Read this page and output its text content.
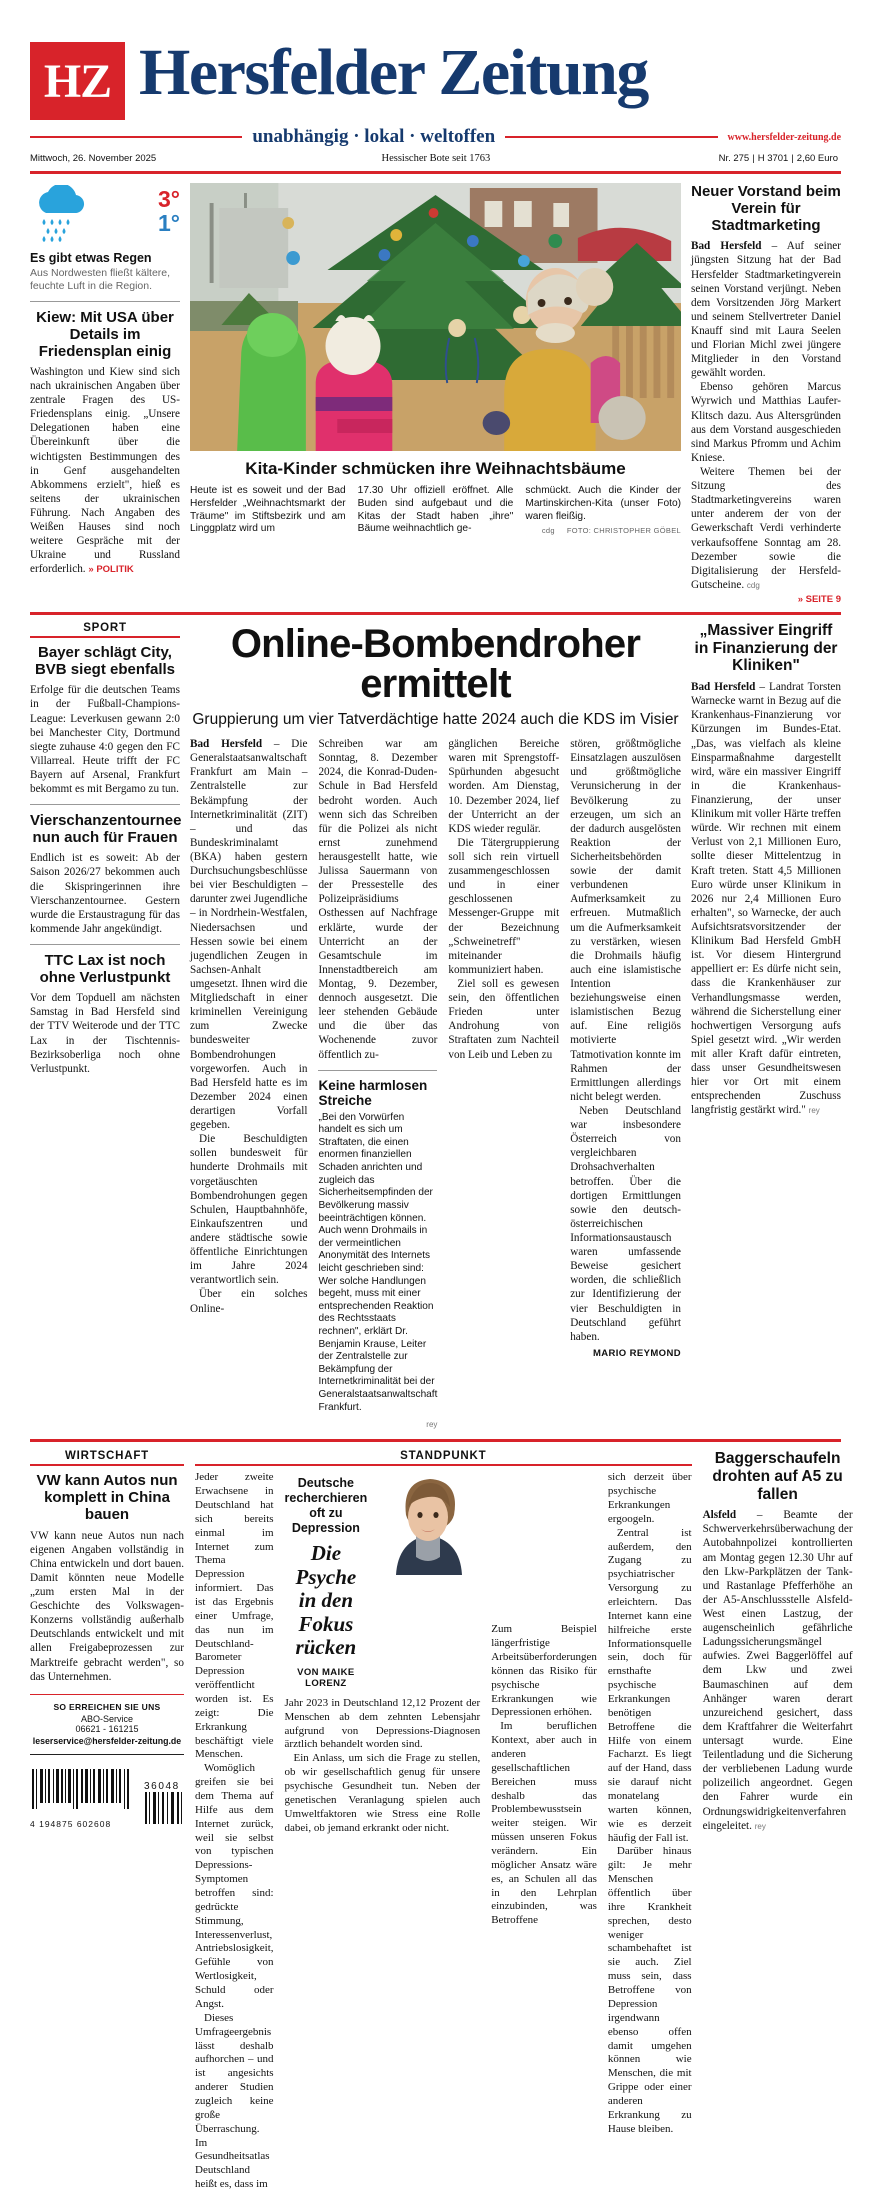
HZ Hersfelder Zeitung
unabhängig · lokal · weltoffen	www.hersfelder-zeitung.de
Mittwoch, 26. November 2025	Hessischer Bote seit 1763	Nr. 275 | H 3701 | 2,60 Euro
3°
1°
Es gibt etwas Regen
Aus Nordwesten fließt kältere, feuchte Luft in die Region.
Kiew: Mit USA über Details im Friedensplan einig

Washington und Kiew sind sich nach ukrainischen Angaben über zentrale Fragen des US-Friedensplans einig. „Unsere Delegationen haben eine Übereinkunft über die wichtigsten Bestimmungen des in Genf ausgehandelten Abkommens erzielt", hieß es seitens der ukrainischen Führung. Nach Angaben des Weißen Hauses sind noch weitere Gespräche mit der Ukraine und Russland erforderlich. » POLITIK

Kita-Kinder schmücken ihre Weihnachtsbäume
Heute ist es soweit und der Bad Hersfelder „Weihnachtsmarkt der Träume" im Stiftsbezirk und am Linggplatz wird um
17.30 Uhr offiziell eröffnet. Alle Buden sind aufgebaut und die Kitas der Stadt haben „ihre" Bäume weihnachtlich ge-
schmückt. Auch die Kinder der Martinskirchen-Kita (unser Foto) waren fleißig.
cdg FOTO: CHRISTOPHER GÖBEL
Neuer Vorstand beim Verein für Stadtmarketing

Bad Hersfeld – Auf seiner jüngsten Sitzung hat der Bad Hersfelder Stadtmarketingverein seinen Vorstand verjüngt. Neben dem Vorsitzenden Jörg Markert und seinem Stellvertreter Daniel Knauff sind mit Laura Seelen und Florian Michl zwei jüngere Mitglieder in den Vorstand gewählt worden.

Ebenso gehören Marcus Wyrwich und Matthias Laufer-Klitsch dazu. Aus Altersgründen aus dem Vorstand ausgeschieden sind Markus Pfromm und Achim Kniese.

Weitere Themen bei der Sitzung des Stadtmarketingvereins waren unter anderem der von der Gewerkschaft Verdi verhinderte verkaufsoffene Sonntag am 28. Dezember sowie die Digitalisierung der Hersfeld-Gutscheine. cdg

» SEITE 9

SPORT
Bayer schlägt City, BVB siegt ebenfalls

Erfolge für die deutschen Teams in der Fußball-Champions-League: Leverkusen gewann 2:0 bei Manchester City, Dortmund siegte zuhause 4:0 gegen den FC Villarreal. Heute trifft der FC Bayern auf Arsenal, Frankfurt bekommt es mit Bergamo zu tun.

Vierschanzentournee nun auch für Frauen

Endlich ist es soweit: Ab der Saison 2026/27 bekommen auch die Skispringerinnen ihre Vierschanzentournee. Gestern wurde die Erstaustragung für das kommende Jahr angekündigt.

TTC Lax ist noch ohne Verlustpunkt

Vor dem Topduell am nächsten Samstag in Bad Hersfeld sind der TTV Weiterode und der TTC Lax in der Tischtennis-Bezirksoberliga noch ohne Verlustpunkt.

Online-Bombendroher ermittelt
Gruppierung um vier Tatverdächtige hatte 2024 auch die KDS im Visier

Bad Hersfeld – Die Generalstaatsanwaltschaft Frankfurt am Main – Zentralstelle zur Bekämpfung der Internetkriminalität (ZIT) – und das Bundeskriminalamt (BKA) haben gestern Durchsuchungsbeschlüsse bei vier Beschuldigten – darunter zwei Jugendliche – in Nordrhein-Westfalen, Niedersachsen und Hessen sowie bei einem jugendlichen Zeugen in Sachsen-Anhalt umgesetzt. Ihnen wird die Mitgliedschaft in einer kriminellen Vereinigung zum Zwecke bundesweiter Bombendrohungen vorgeworfen. Auch in Bad Hersfeld hatte es im Dezember 2024 einen derartigen Vorfall gegeben.

Die Beschuldigten sollen bundesweit für hunderte Drohmails mit vorgetäuschten Bombendrohungen gegen Schulen, Hauptbahnhöfe, Einkaufszentren und andere städtische sowie öffentliche Einrichtungen im Jahre 2024 verantwortlich sein.

Über ein solches Online-

Schreiben war am Sonntag, 8. Dezember 2024, die Konrad-Duden-Schule in Bad Hersfeld bedroht worden. Auch wenn sich das Schreiben für die Polizei als nicht ernst zunehmend herausgestellt hatte, wie Julissa Sauermann von der Pressestelle des Polizeipräsidiums Osthessen auf Nachfrage erklärte, wurde der Unterricht an der Gesamtschule im Innenstadtbereich am Montag, 9. Dezember, dennoch ausgesetzt. Die leer stehenden Gebäude und die über das Wochenende zuvor öffentlich zu-

Keine harmlosen Streiche

„Bei den Vorwürfen handelt es sich um Straftaten, die einen enormen finanziellen Schaden anrichten und zugleich das Sicherheitsempfinden der Bevölkerung massiv beeinträchtigen können. Auch wenn Drohmails in der vermeintlichen Anonymität des Internets leicht geschrieben sind: Wer solche Handlungen begeht, muss mit einer entsprechenden Reaktion des Rechtsstaats rechnen", erklärt Dr. Benjamin Krause, Leiter der Zentralstelle zur Bekämpfung der Internetkriminalität bei der Generalstaatsanwaltschaft Frankfurt.

rey

gänglichen Bereiche waren mit Sprengstoff-Spürhunden abgesucht worden. Am Dienstag, 10. Dezember 2024, lief der Unterricht an der KDS wieder regulär.

Die Tätergruppierung soll sich rein virtuell zusammengeschlossen und in einer geschlossenen Messenger-Gruppe mit der Bezeichnung „Schweinetreff" miteinander kommuniziert haben.

Ziel soll es gewesen sein, den öffentlichen Frieden unter Androhung von Straftaten zum Nachteil von Leib und Leben zu

stören, größtmögliche Einsatzlagen auszulösen und größtmögliche Verunsicherung in der Bevölkerung zu erzeugen, um sich an der dadurch ausgelösten Reaktion der Sicherheitsbehörden sowie der damit verbundenen Aufmerksamkeit zu erfreuen. Mutmaßlich um die Aufmerksamkeit zu verstärken, wiesen die Drohmails häufig auch eine islamistische Intention beziehungsweise einen islamistischen Bezug auf. Eine religiös motivierte Tatmotivation konnte im Rahmen der Ermittlungen allerdings nicht belegt werden.

Neben Deutschland war insbesondere Österreich von vergleichbaren Drohsachverhalten betroffen. Über die dortigen Ermittlungen sowie den deutsch-österreichischen Informationsaustausch waren umfassende Beweise gesichert worden, die schließlich zur Identifizierung der vier Beschuldigten in Deutschland geführt haben.

MARIO REYMOND
„Massiver Eingriff in Finanzierung der Kliniken"

Bad Hersfeld – Landrat Torsten Warnecke warnt in Bezug auf die Krankenhaus-Finanzierung vor Kürzungen im Bundes-Etat. „Das, was vielfach als kleine Einsparmaßnahme dargestellt wird, wäre ein massiver Eingriff in die Krankenhaus-Finanzierung, der unser Klinikum mit voller Härte treffen würde. Wir rechnen mit einem Verlust von 2,1 Millionen Euro, sollte dieser Mittelentzug in Kraft treten. Statt 4,5 Millionen Euro würde unser Klinikum in 2026 nur 2,4 Millionen Euro erhalten", so Warnecke, der auch Aufsichtsratsvorsitzender der Klinikum Bad Hersfeld GmbH ist. Vor diesem Hintergrund appelliert er: Es dürfe nicht sein, dass die Krankenhäuser zur Verhandlungsmasse werden, während die Sicherstellung einer hochwertigen Versorgung aufs Spiel gesetzt wird. „Wir werden mit aller Kraft dafür eintreten, dass unser Gesundheitswesen hier vor Ort mit einem entsprechenden Zuschuss langfristig gestärkt wird." rey

WIRTSCHAFT
VW kann Autos nun komplett in China bauen

VW kann neue Autos nun nach eigenen Angaben vollständig in China entwickeln und dort bauen. Damit könnten neue Modelle „zum ersten Mal in der Geschichte des Volkswagen-Konzerns vollständig außerhalb Deutschlands entwickelt und mit allen Freigabeprozessen zur Marktreife gebracht werden", so das Unternehmen.

SO ERREICHEN SIE UNS
ABO-Service
06621 - 161215
leserservice@hersfelder-zeitung.de
4 194875 602608
36048
STANDPUNKT

Jeder zweite Erwachsene in Deutschland hat sich bereits einmal im Internet zum Thema Depression informiert. Das ist das Ergebnis einer Umfrage, das nun im Deutschland-Barometer Depression veröffentlicht worden ist. Es zeigt: Die Erkrankung beschäftigt viele Menschen.

Womöglich greifen sie bei dem Thema auf Hilfe aus dem Internet zurück, weil sie selbst von typischen Depressions-Symptomen betroffen sind: gedrückte Stimmung, Interessenverlust, Antriebslosigkeit, Gefühle von Wertlosigkeit, Schuld oder Angst.

Dieses Umfrageergebnis lässt deshalb aufhorchen – und ist angesichts anderer Studien zugleich keine große Überraschung. Im Gesundheitsatlas Deutschland heißt es, dass im

Deutsche recherchieren oft zu Depression
Die Psyche in den Fokus rücken
VON MAIKE LORENZ

Jahr 2023 in Deutschland 12,12 Prozent der Menschen ab dem zehnten Lebensjahr aufgrund von Depressions-Diagnosen ärztlich behandelt worden sind.

Ein Anlass, um sich die Frage zu stellen, ob wir gesellschaftlich genug für unsere psychische Gesundheit tun. Neben der genetischen Veranlagung spielen auch Umweltfaktoren wie Stress eine Rolle dabei, ob jemand erkrankt oder nicht.

Zum Beispiel längerfristige Arbeitsüberforderungen können das Risiko für psychische Erkrankungen wie Depressionen erhöhen.

Im beruflichen Kontext, aber auch in anderen gesellschaftlichen Bereichen muss deshalb das Problembewusstsein weiter steigen. Wir müssen unseren Fokus verändern. Ein möglicher Ansatz wäre es, an Schulen all das in den Lehrplan einzubinden, was Betroffene

sich derzeit über psychische Erkrankungen ergoogeln.

Zentral ist außerdem, den Zugang zu psychiatrischer Versorgung zu erleichtern. Das Internet kann eine hilfreiche erste Informationsquelle sein, doch für ernsthafte psychische Erkrankungen benötigen Betroffene die Hilfe von einem Facharzt. Es liegt auf der Hand, dass sie darauf nicht monatelang warten können, wie es derzeit häufig der Fall ist.

Darüber hinaus gilt: Je mehr Menschen öffentlich über ihre Krankheit sprechen, desto weniger schambehaftet ist sie auch. Ziel muss sein, dass Betroffene von Depression irgendwann ebenso offen damit umgehen können wie Menschen, die mit Grippe oder einer anderen Erkrankung zu Hause bleiben.

Baggerschaufeln drohten auf A5 zu fallen

Alsfeld – Beamte der Schwerverkehrsüberwachung der Autobahnpolizei kontrollierten am Montag gegen 12.30 Uhr auf den Lkw-Parkplätzen der Tank- und Rastanlage Pfefferhöhe an der A5-Anschlussstelle Alsfeld-West einen Lastzug, der augenscheinlich gefährliche Ladungssicherungsmängel aufwies. Zwei Baggerlöffel auf dem Lkw und zwei Baumaschinen auf dem Anhänger waren derart unzureichend gesichert, dass dem Kraftfahrer die Weiterfahrt untersagt wurde. Eine Teilentladung und die Sicherung der verbliebenen Ladung wurde polizeilich angeordnet. Gegen den Fahrer wurde ein Ordnungswidrigkeitenverfahren eingeleitet. rey
